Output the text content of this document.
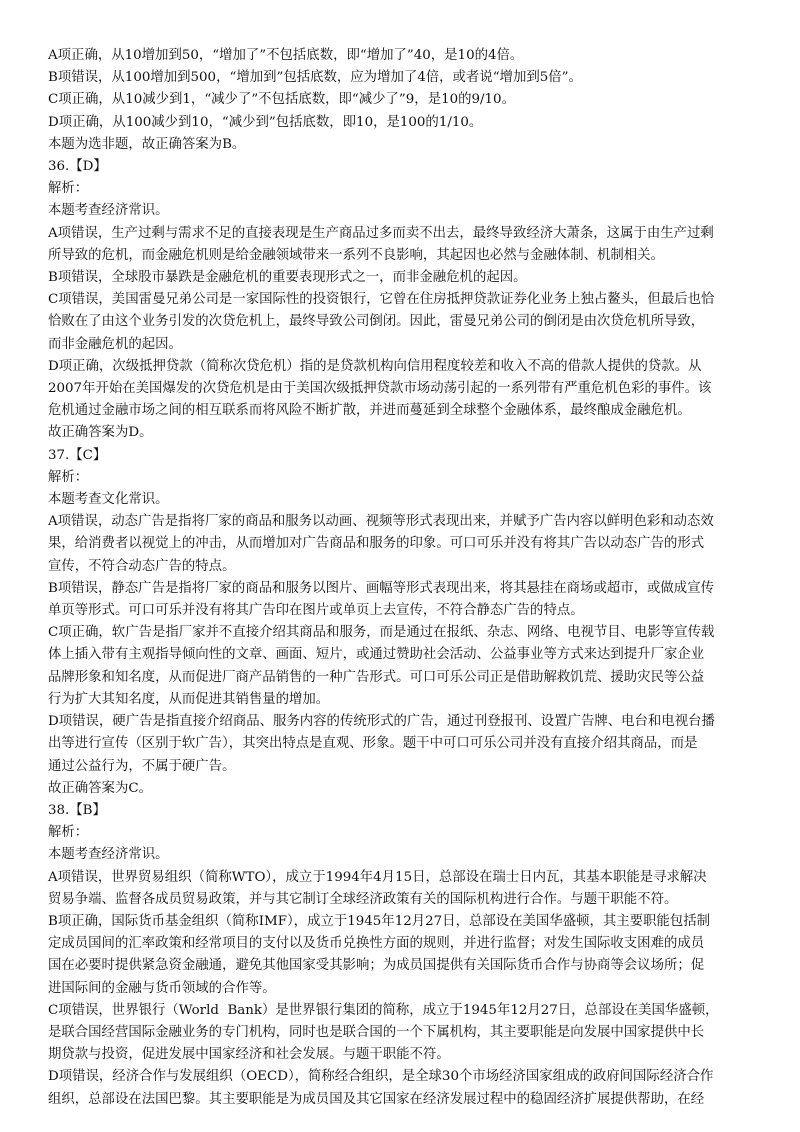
A项正确，从10增加到50，“增加了”不包括底数，即“增加了”40，是10的4倍。

B项错误，从100增加到500，“增加到”包括底数，应为增加了4倍，或者说“增加到5倍”。

C项正确，从10减少到1，“减少了”不包括底数，即“减少了”9，是10的9/10。

D项正确，从100减少到10，“减少到”包括底数，即10，是100的1/10。

本题为选非题，故正确答案为B。

36.【D】

解析：

本题考查经济常识。

A项错误，生产过剩与需求不足的直接表现是生产商品过多而卖不出去，最终导致经济大萧条，这属于由生产过剩

所导致的危机，而金融危机则是给金融领域带来一系列不良影响，其起因也必然与金融体制、机制相关。

B项错误，全球股市暴跌是金融危机的重要表现形式之一，而非金融危机的起因。

C项错误，美国雷曼兄弟公司是一家国际性的投资银行，它曾在住房抵押贷款证券化业务上独占鳌头，但最后也恰

恰败在了由这个业务引发的次贷危机上，最终导致公司倒闭。因此，雷曼兄弟公司的倒闭是由次贷危机所导致，

而非金融危机的起因。

D项正确，次级抵押贷款（简称次贷危机）指的是贷款机构向信用程度较差和收入不高的借款人提供的贷款。从

2007年开始在美国爆发的次贷危机是由于美国次级抵押贷款市场动荡引起的一系列带有严重危机色彩的事件。该

危机通过金融市场之间的相互联系而将风险不断扩散，并进而蔓延到全球整个金融体系，最终酿成金融危机。

故正确答案为D。

37.【C】

解析：

本题考查文化常识。

A项错误，动态广告是指将厂家的商品和服务以动画、视频等形式表现出来，并赋予广告内容以鲜明色彩和动态效

果，给消费者以视觉上的冲击，从而增加对广告商品和服务的印象。可口可乐并没有将其广告以动态广告的形式

宣传，不符合动态广告的特点。

B项错误，静态广告是指将厂家的商品和服务以图片、画幅等形式表现出来，将其悬挂在商场或超市，或做成宣传

单页等形式。可口可乐并没有将其广告印在图片或单页上去宣传，不符合静态广告的特点。

C项正确，软广告是指厂家并不直接介绍其商品和服务，而是通过在报纸、杂志、网络、电视节目、电影等宣传载

体上插入带有主观指导倾向性的文章、画面、短片，或通过赞助社会活动、公益事业等方式来达到提升厂家企业

品牌形象和知名度，从而促进厂商产品销售的一种广告形式。可口可乐公司正是借助解救饥荒、援助灾民等公益

行为扩大其知名度，从而促进其销售量的增加。

D项错误，硬广告是指直接介绍商品、服务内容的传统形式的广告，通过刊登报刊、设置广告牌、电台和电视台播

出等进行宣传（区别于软广告），其突出特点是直观、形象。题干中可口可乐公司并没有直接介绍其商品，而是

通过公益行为，不属于硬广告。

故正确答案为C。

38.【B】

解析：

本题考查经济常识。

A项错误，世界贸易组织（简称WTO），成立于1994年4月15日，总部设在瑞士日内瓦，其基本职能是寻求解决

贸易争端、监督各成员贸易政策，并与其它制订全球经济政策有关的国际机构进行合作。与题干职能不符。

B项正确，国际货币基金组织（简称IMF），成立于1945年12月27日，总部设在美国华盛顿，其主要职能包括制

定成员国间的汇率政策和经常项目的支付以及货币兑换性方面的规则，并进行监督；对发生国际收支困难的成员

国在必要时提供紧急资金融通，避免其他国家受其影响；为成员国提供有关国际货币合作与协商等会议场所；促

进国际间的金融与货币领域的合作等。

C项错误，世界银行（World  Bank）是世界银行集团的简称，成立于1945年12月27日，总部设在美国华盛顿，

是联合国经营国际金融业务的专门机构，同时也是联合国的一个下属机构，其主要职能是向发展中国家提供中长

期贷款与投资，促进发展中国家经济和社会发展。与题干职能不符。

D项错误，经济合作与发展组织（OECD），简称经合组织，是全球30个市场经济国家组成的政府间国际经济合作

组织，总部设在法国巴黎。其主要职能是为成员国及其它国家在经济发展过程中的稳固经济扩展提供帮助，在经
